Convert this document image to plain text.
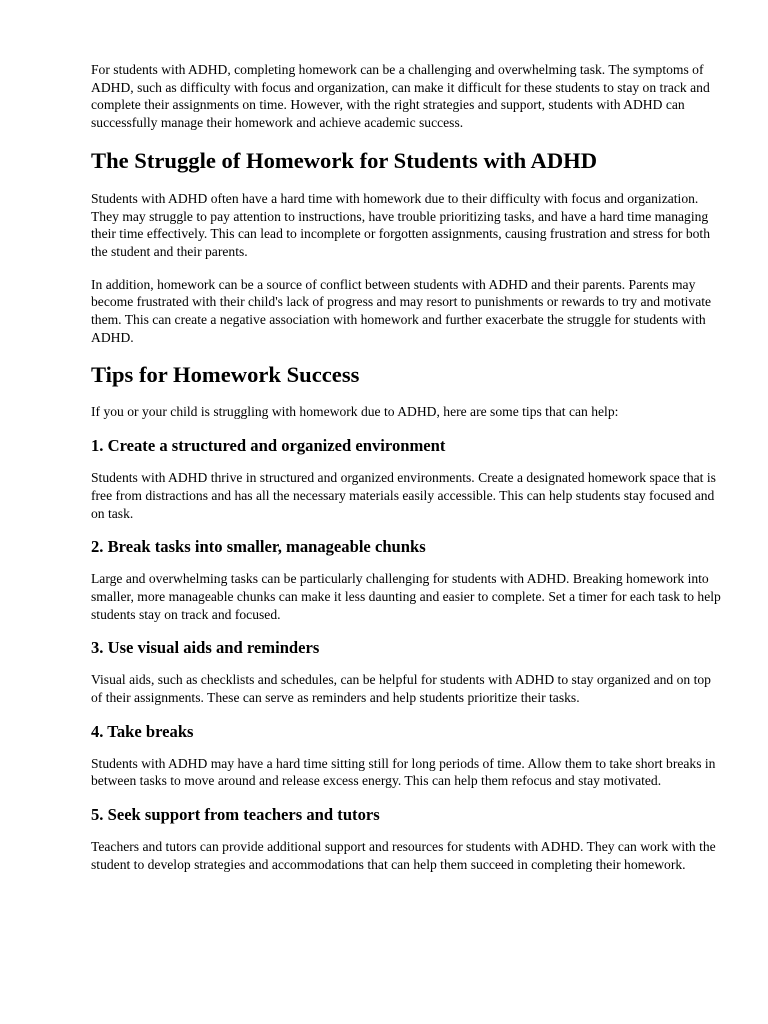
For students with ADHD, completing homework can be a challenging and overwhelming task. The symptoms of ADHD, such as difficulty with focus and organization, can make it difficult for these students to stay on track and complete their assignments on time. However, with the right strategies and support, students with ADHD can successfully manage their homework and achieve academic success.

The Struggle of Homework for Students with ADHD

Students with ADHD often have a hard time with homework due to their difficulty with focus and organization. They may struggle to pay attention to instructions, have trouble prioritizing tasks, and have a hard time managing their time effectively. This can lead to incomplete or forgotten assignments, causing frustration and stress for both the student and their parents.

In addition, homework can be a source of conflict between students with ADHD and their parents. Parents may become frustrated with their child's lack of progress and may resort to punishments or rewards to try and motivate them. This can create a negative association with homework and further exacerbate the struggle for students with ADHD.

Tips for Homework Success

If you or your child is struggling with homework due to ADHD, here are some tips that can help:

1. Create a structured and organized environment

Students with ADHD thrive in structured and organized environments. Create a designated homework space that is free from distractions and has all the necessary materials easily accessible. This can help students stay focused and on task.

2. Break tasks into smaller, manageable chunks

Large and overwhelming tasks can be particularly challenging for students with ADHD. Breaking homework into smaller, more manageable chunks can make it less daunting and easier to complete. Set a timer for each task to help students stay on track and focused.

3. Use visual aids and reminders

Visual aids, such as checklists and schedules, can be helpful for students with ADHD to stay organized and on top of their assignments. These can serve as reminders and help students prioritize their tasks.

4. Take breaks

Students with ADHD may have a hard time sitting still for long periods of time. Allow them to take short breaks in between tasks to move around and release excess energy. This can help them refocus and stay motivated.

5. Seek support from teachers and tutors

Teachers and tutors can provide additional support and resources for students with ADHD. They can work with the student to develop strategies and accommodations that can help them succeed in completing their homework.
